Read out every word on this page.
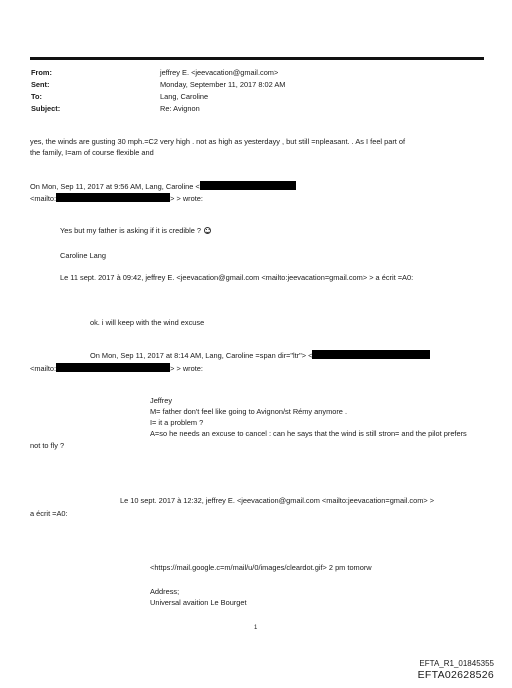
From:	jeffrey E. <jeevacation@gmail.com>
Sent:	Monday, September 11, 2017 8:02 AM
To:	Lang, Caroline
Subject:	Re: Avignon
yes, the winds are gusting 30 mph.=C2 very high . not as high as yesterdayy , but still =npleasant. . As I feel part of
the family, I=am of course flexible and
On Mon, Sep 11, 2017 at 9:56 AM, Lang, Caroline <
<mailto:	> > wrote:
Yes but my father is asking if it is credible ?
Caroline Lang
Le 11 sept. 2017 à 09:42, jeffrey E. <jeevacation@gmail.com <mailto:jeevacation=gmail.com> > a écrit =A0:
ok. i will keep with the wind excuse
On Mon, Sep 11, 2017 at 8:14 AM, Lang, Caroline =span dir="ltr"> <
<mailto:	> > wrote:
Jeffrey
M= father don't feel like going to Avignon/st Rémy anymore .
I= it a problem ?
A=so he needs an excuse to cancel : can he says that the wind is still stron= and the pilot prefers
not to fly ?
Le 10 sept. 2017 à 12:32, jeffrey E. <jeevacation@gmail.com <mailto:jeevacation=gmail.com> >
a écrit =A0:
<https://mail.google.c=m/mail/u/0/images/cleardot.gif> 2 pm tomorw
Address;
Universal avaition Le Bourget
1
EFTA_R1_01845355
EFTA02628526
